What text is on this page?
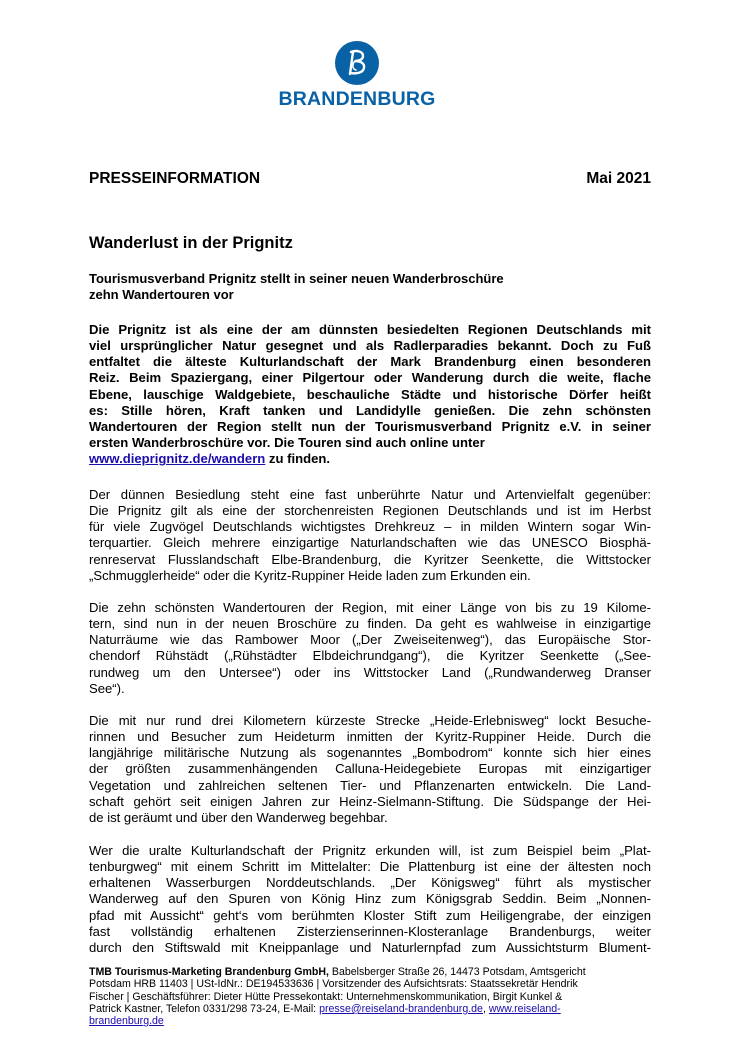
BRANDENBURG
PRESSEINFORMATION	Mai 2021
Wanderlust in der Prignitz
Tourismusverband Prignitz stellt in seiner neuen Wanderbroschüre
zehn Wandertouren vor
Die Prignitz ist als eine der am dünnsten besiedelten Regionen Deutschlands mit
viel ursprünglicher Natur gesegnet und als Radlerparadies bekannt. Doch zu Fuß
entfaltet die älteste Kulturlandschaft der Mark Brandenburg einen besonderen
Reiz. Beim Spaziergang, einer Pilgertour oder Wanderung durch die weite, flache
Ebene, lauschige Waldgebiete, beschauliche Städte und historische Dörfer heißt
es: Stille hören, Kraft tanken und Landidylle genießen. Die zehn schönsten
Wandertouren der Region stellt nun der Tourismusverband Prignitz e.V. in seiner
ersten Wanderbroschüre vor. Die Touren sind auch online unter
www.dieprignitz.de/wandern zu finden.
Der dünnen Besiedlung steht eine fast unberührte Natur und Artenvielfalt gegenüber:
Die Prignitz gilt als eine der storchenreisten Regionen Deutschlands und ist im Herbst
für viele Zugvögel Deutschlands wichtigstes Drehkreuz – in milden Wintern sogar Win-
terquartier. Gleich mehrere einzigartige Naturlandschaften wie das UNESCO Biosphä-
renreservat Flusslandschaft Elbe-Brandenburg, die Kyritzer Seenkette, die Wittstocker
„Schmugglerheide“ oder die Kyritz-Ruppiner Heide laden zum Erkunden ein.
Die zehn schönsten Wandertouren der Region, mit einer Länge von bis zu 19 Kilome-
tern, sind nun in der neuen Broschüre zu finden. Da geht es wahlweise in einzigartige
Naturräume wie das Rambower Moor („Der Zweiseitenweg“), das Europäische Stor-
chendorf Rühstädt („Rühstädter Elbdeichrundgang“), die Kyritzer Seenkette („See-
rundweg um den Untersee“) oder ins Wittstocker Land („Rundwanderweg Dranser
See“).
Die mit nur rund drei Kilometern kürzeste Strecke „Heide-Erlebnisweg“ lockt Besuche-
rinnen und Besucher zum Heideturm inmitten der Kyritz-Ruppiner Heide. Durch die
langjährige militärische Nutzung als sogenanntes „Bombodrom“ konnte sich hier eines
der größten zusammenhängenden Calluna-Heidegebiete Europas mit einzigartiger
Vegetation und zahlreichen seltenen Tier- und Pflanzenarten entwickeln. Die Land-
schaft gehört seit einigen Jahren zur Heinz-Sielmann-Stiftung. Die Südspange der Hei-
de ist geräumt und über den Wanderweg begehbar.
Wer die uralte Kulturlandschaft der Prignitz erkunden will, ist zum Beispiel beim „Plat-
tenburgweg“ mit einem Schritt im Mittelalter: Die Plattenburg ist eine der ältesten noch
erhaltenen Wasserburgen Norddeutschlands. „Der Königsweg“ führt als mystischer
Wanderweg auf den Spuren von König Hinz zum Königsgrab Seddin. Beim „Nonnen-
pfad mit Aussicht“ geht‘s vom berühmten Kloster Stift zum Heiligengrabe, der einzigen
fast vollständig erhaltenen Zisterzienserinnen-Klosteranlage Brandenburgs, weiter
durch den Stiftswald mit Kneippanlage und Naturlernpfad zum Aussichtsturm Blument-
TMB Tourismus-Marketing Brandenburg GmbH, Babelsberger Straße 26, 14473 Potsdam, Amtsgericht
Potsdam HRB 11403 | USt-IdNr.: DE194533636 | Vorsitzender des Aufsichtsrats: Staatssekretär Hendrik
Fischer | Geschäftsführer: Dieter Hütte Pressekontakt: Unternehmenskommunikation, Birgit Kunkel &
Patrick Kastner, Telefon 0331/298 73-24, E-Mail: presse@reiseland-brandenburg.de, www.reiseland-
brandenburg.de
